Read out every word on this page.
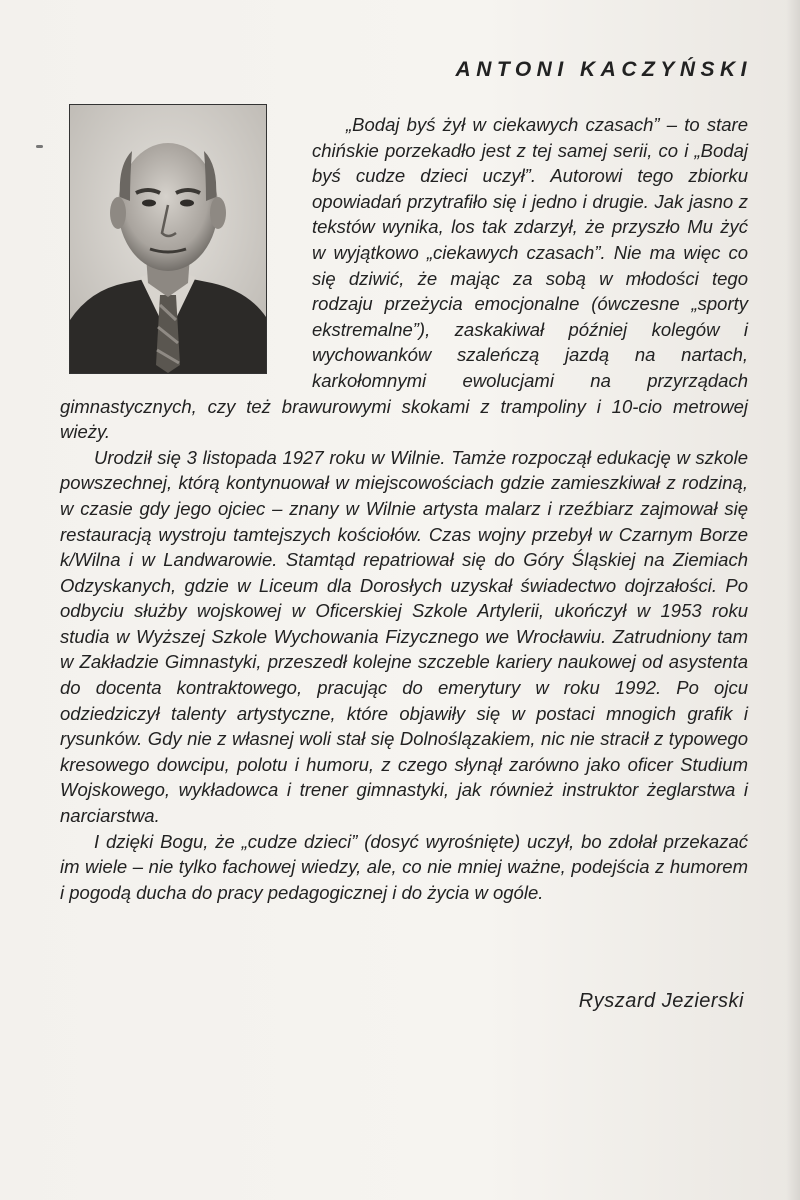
ANTONI KACZYŃSKI

„Bodaj byś żył w ciekawych czasach” – to stare chińskie porzekadło jest z tej samej serii, co i „Bodaj byś cudze dzieci uczył”. Autorowi tego zbiorku opowiadań przytrafiło się i jedno i drugie. Jak jasno z tekstów wynika, los tak zdarzył, że przyszło Mu żyć w wyjątkowo „ciekawych czasach”. Nie ma więc co się dziwić, że mając za sobą w młodości tego rodzaju przeżycia emocjonalne (ówczesne „sporty ekstremalne”), zaskakiwał później kolegów i wychowanków szaleńczą jazdą na nartach, karkołomnymi ewolucjami na przyrządach gimnastycznych, czy też brawurowymi skokami z trampoliny i 10-cio metrowej wieży.

Urodził się 3 listopada 1927 roku w Wilnie. Tamże rozpoczął edukację w szkole powszechnej, którą kontynuował w miejscowościach gdzie zamieszkiwał z rodziną, w czasie gdy jego ojciec – znany w Wilnie artysta malarz i rzeźbiarz zajmował się restauracją wystroju tamtejszych kościołów. Czas wojny przebył w Czarnym Borze k/Wilna i w Landwarowie. Stamtąd repatriował się do Góry Śląskiej na Ziemiach Odzyskanych, gdzie w Liceum dla Dorosłych uzyskał świadectwo dojrzałości. Po odbyciu służby wojskowej w Oficerskiej Szkole Artylerii, ukończył w 1953 roku studia w Wyższej Szkole Wychowania Fizycznego we Wrocławiu. Zatrudniony tam w Zakładzie Gimnastyki, przeszedł kolejne szczeble kariery naukowej od asystenta do docenta kontraktowego, pracując do emerytury w roku 1992. Po ojcu odziedziczył talenty artystyczne, które objawiły się w postaci mnogich grafik i rysunków. Gdy nie z własnej woli stał się Dolnoślązakiem, nic nie stracił z typowego kresowego dowcipu, polotu i humoru, z czego słynął zarówno jako oficer Studium Wojskowego, wykładowca i trener gimnastyki, jak również instruktor żeglarstwa i narciarstwa.

I dzięki Bogu, że „cudze dzieci” (dosyć wyrośnięte) uczył, bo zdołał przekazać im wiele – nie tylko fachowej wiedzy, ale, co nie mniej ważne, podejścia z humorem i pogodą ducha do pracy pedagogicznej i do życia w ogóle.

Ryszard Jezierski
